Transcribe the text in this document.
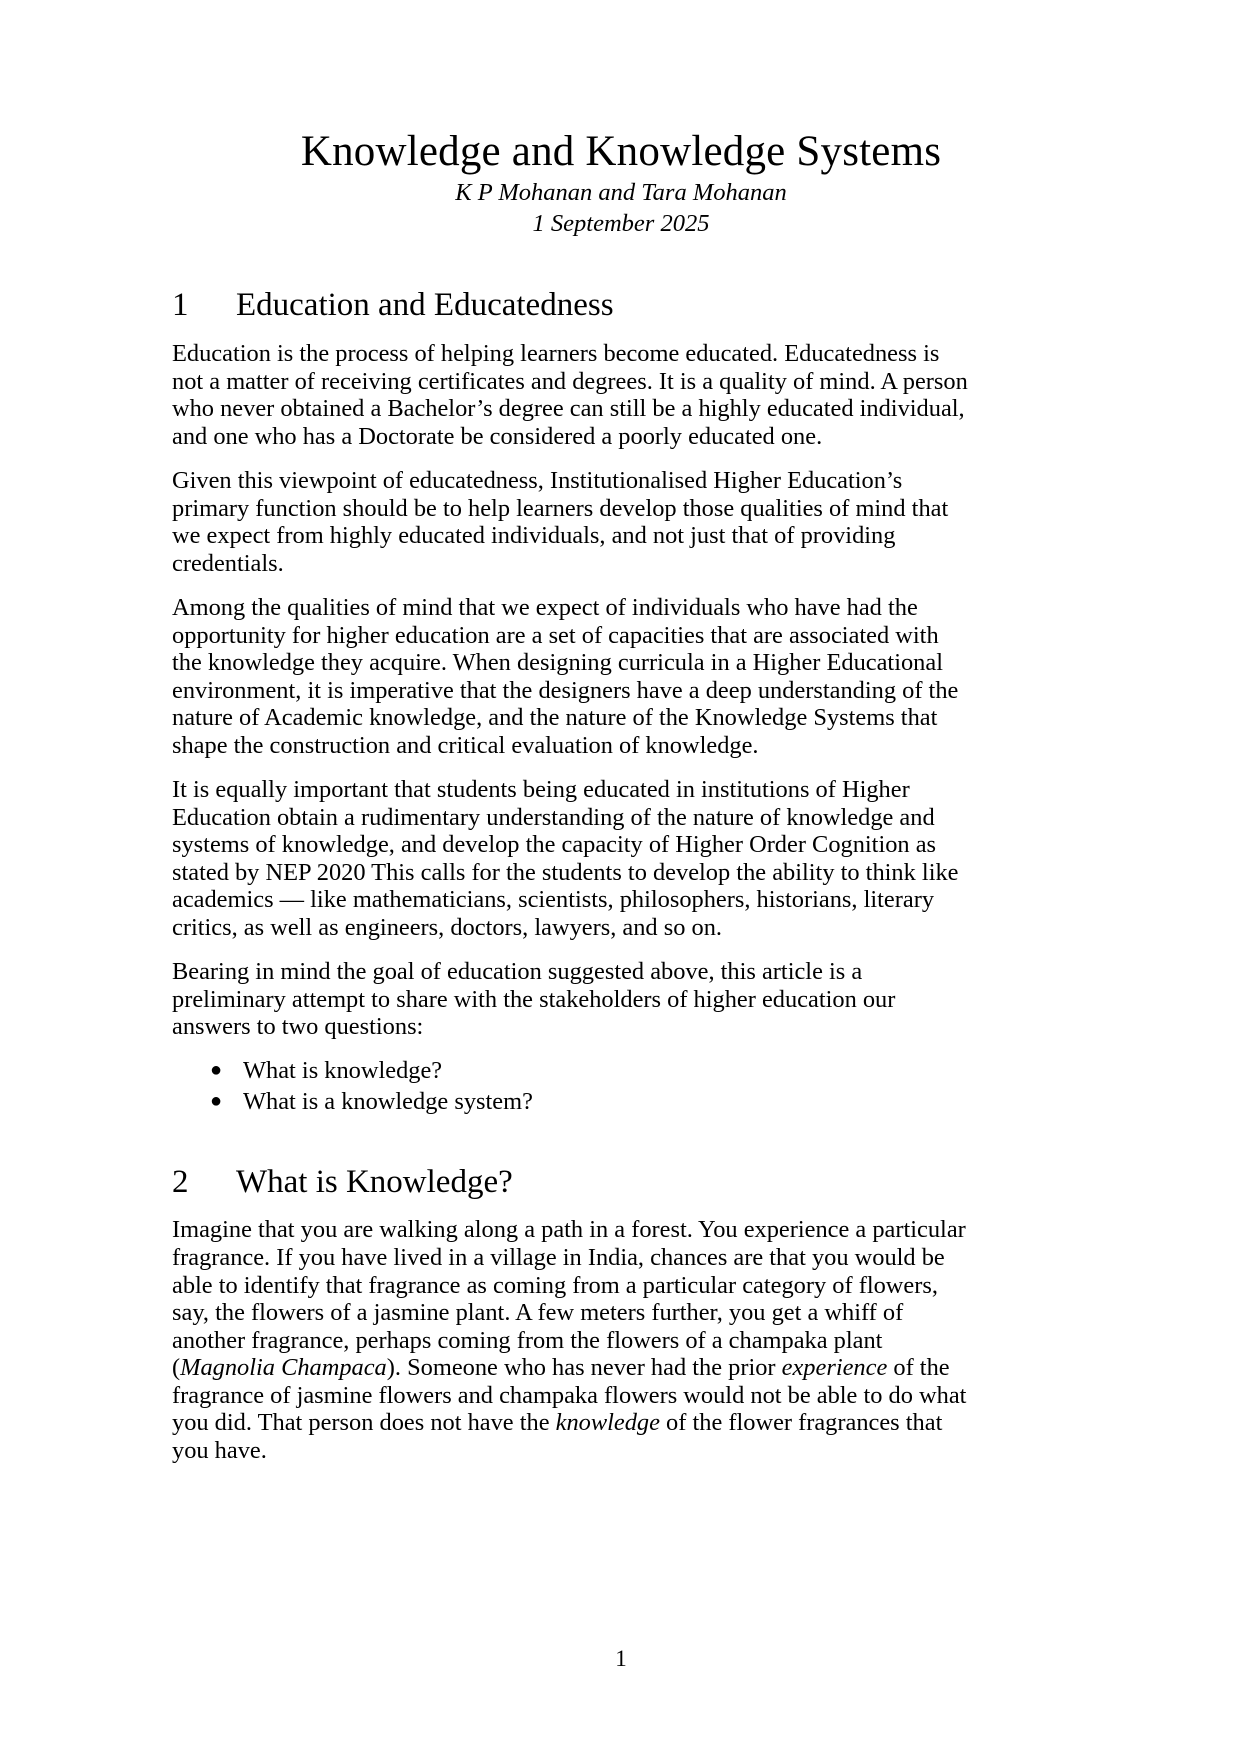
Knowledge and Knowledge Systems
K P Mohanan and Tara Mohanan
1 September 2025
1	Education and Educatedness

Education is the process of helping learners become educated. Educatedness is not a matter of receiving certificates and degrees. It is a quality of mind. A person who never obtained a Bachelor’s degree can still be a highly educated individual, and one who has a Doctorate be considered a poorly educated one.

Given this viewpoint of educatedness, Institutionalised Higher Education’s primary function should be to help learners develop those qualities of mind that we expect from highly educated individuals, and not just that of providing credentials.

Among the qualities of mind that we expect of individuals who have had the opportunity for higher education are a set of capacities that are associated with the knowledge they acquire. When designing curricula in a Higher Educational environment, it is imperative that the designers have a deep understanding of the nature of Academic knowledge, and the nature of the Knowledge Systems that shape the construction and critical evaluation of knowledge.

It is equally important that students being educated in institutions of Higher Education obtain a rudimentary understanding of the nature of knowledge and systems of knowledge, and develop the capacity of Higher Order Cognition as stated by NEP 2020 This calls for the students to develop the ability to think like academics — like mathematicians, scientists, philosophers, historians, literary critics, as well as engineers, doctors, lawyers, and so on.

Bearing in mind the goal of education suggested above, this article is a preliminary attempt to share with the stakeholders of higher education our answers to two questions:

● What is knowledge?
● What is a knowledge system?
2	What is Knowledge?

Imagine that you are walking along a path in a forest. You experience a particular fragrance. If you have lived in a village in India, chances are that you would be able to identify that fragrance as coming from a particular category of flowers, say, the flowers of a jasmine plant. A few meters further, you get a whiff of another fragrance, perhaps coming from the flowers of a champaka plant (Magnolia Champaca). Someone who has never had the prior experience of the fragrance of jasmine flowers and champaka flowers would not be able to do what you did. That person does not have the knowledge of the flower fragrances that you have.

1
